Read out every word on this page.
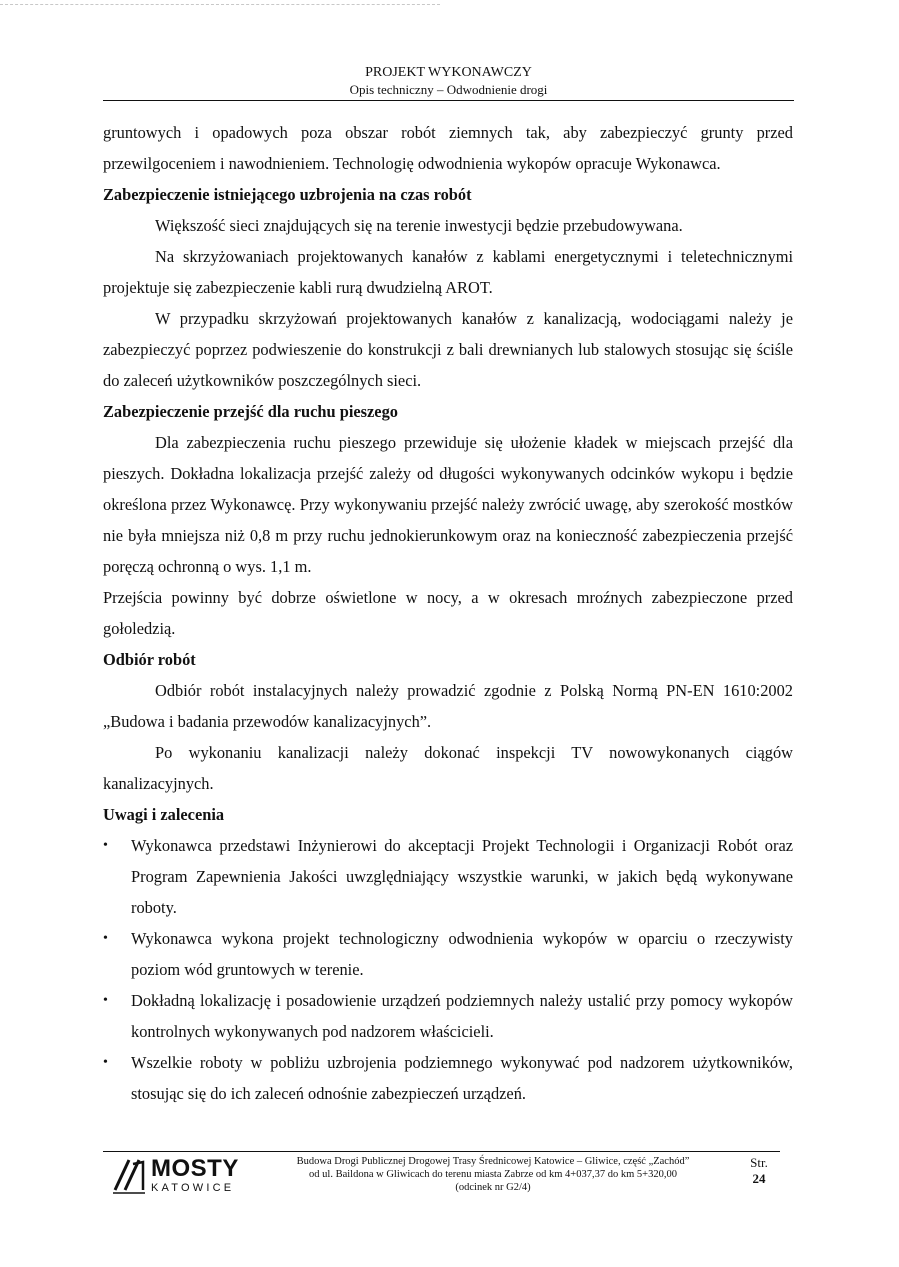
PROJEKT WYKONAWCZY
Opis techniczny – Odwodnienie drogi

gruntowych i opadowych poza obszar robót ziemnych tak, aby zabezpieczyć grunty przed przewilgoceniem i nawodnieniem. Technologię odwodnienia wykopów opracuje Wykonawca.

Zabezpieczenie istniejącego uzbrojenia na czas robót

Większość sieci znajdujących się na terenie inwestycji będzie przebudowywana.

Na skrzyżowaniach projektowanych kanałów z kablami energetycznymi i teletechnicznymi projektuje się zabezpieczenie kabli rurą dwudzielną AROT.

W przypadku skrzyżowań projektowanych kanałów z kanalizacją, wodociągami należy je zabezpieczyć poprzez podwieszenie do konstrukcji z bali drewnianych lub stalowych stosując się ściśle do zaleceń użytkowników poszczególnych sieci.

Zabezpieczenie przejść dla ruchu pieszego

Dla zabezpieczenia ruchu pieszego przewiduje się ułożenie kładek w miejscach przejść dla pieszych. Dokładna lokalizacja przejść zależy od długości wykonywanych odcinków wykopu i będzie określona przez Wykonawcę. Przy wykonywaniu przejść należy zwrócić uwagę, aby szerokość mostków nie była mniejsza niż 0,8 m przy ruchu jednokierunkowym oraz na konieczność zabezpieczenia przejść poręczą ochronną o wys. 1,1 m.

Przejścia powinny być dobrze oświetlone w nocy, a w okresach mroźnych zabezpieczone przed gołoledzią.

Odbiór robót

Odbiór robót instalacyjnych należy prowadzić zgodnie z Polską Normą PN-EN 1610:2002 „Budowa i badania przewodów kanalizacyjnych”.

Po wykonaniu kanalizacji należy dokonać inspekcji TV nowowykonanych ciągów kanalizacyjnych.

Uwagi i zalecenia
• Wykonawca przedstawi Inżynierowi do akceptacji Projekt Technologii i Organizacji Robót oraz Program Zapewnienia Jakości uwzględniający wszystkie warunki, w jakich będą wykonywane roboty.
• Wykonawca wykona projekt technologiczny odwodnienia wykopów w oparciu o rzeczywisty poziom wód gruntowych w terenie.
• Dokładną lokalizację i posadowienie urządzeń podziemnych należy ustalić przy pomocy wykopów kontrolnych wykonywanych pod nadzorem właścicieli.
• Wszelkie roboty w pobliżu uzbrojenia podziemnego wykonywać pod nadzorem użytkowników, stosując się do ich zaleceń odnośnie zabezpieczeń urządzeń.
MOSTY
KATOWICE
Budowa Drogi Publicznej Drogowej Trasy Średnicowej Katowice – Gliwice, część „Zachód”
od ul. Baildona w Gliwicach do terenu miasta Zabrze od km 4+037,37 do km 5+320,00
(odcinek nr G2/4)
Str.
24
